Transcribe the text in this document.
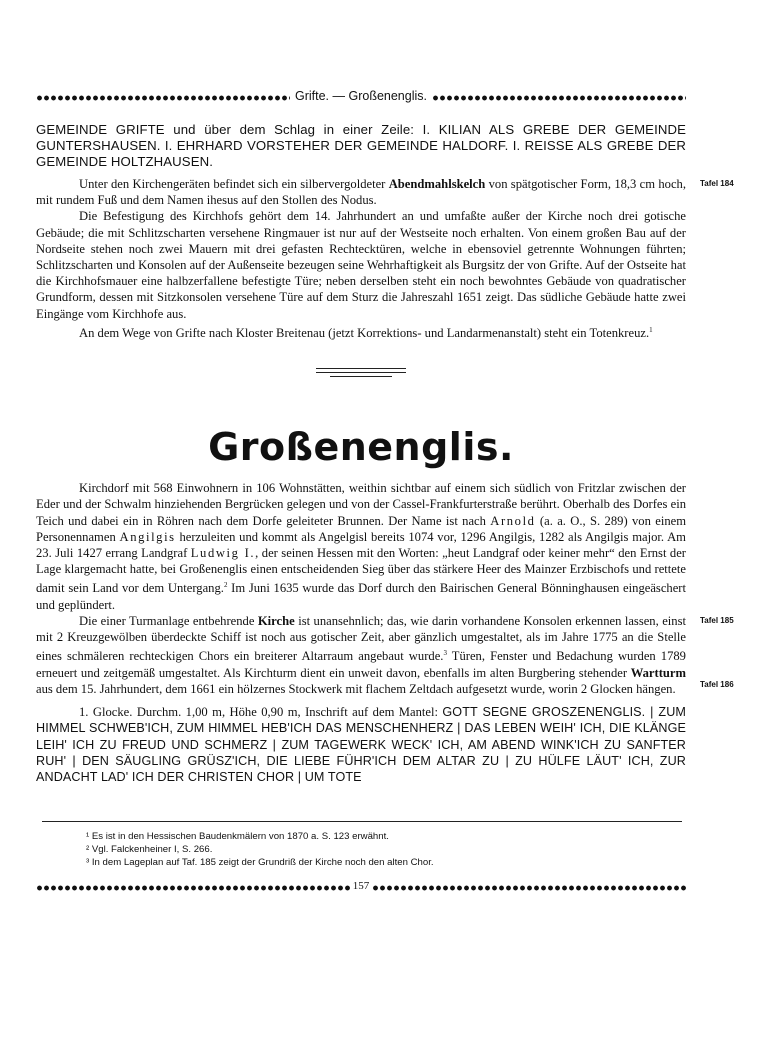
Grifte. — Großenenglis.

GEMEINDE GRIFTE und über dem Schlag in einer Zeile: I. KILIAN ALS GREBE DER GEMEINDE GUNTERSHAUSEN. I. EHRHARD VORSTEHER DER GEMEINDE HALDORF. I. REISSE ALS GREBE DER GEMEINDE HOLTZHAUSEN.

Unter den Kirchengeräten befindet sich ein silbervergoldeter Abendmahlskelch von spätgotischer Form, 18,3 cm hoch, mit rundem Fuß und dem Namen ihesus auf den Stollen des Nodus.
Tafel 184

Die Befestigung des Kirchhofs gehört dem 14. Jahrhundert an und umfaßte außer der Kirche noch drei gotische Gebäude; die mit Schlitzscharten versehene Ringmauer ist nur auf der Westseite noch erhalten. Von einem großen Bau auf der Nordseite stehen noch zwei Mauern mit drei gefasten Rechtecktüren, welche in ebensoviel getrennte Wohnungen führten; Schlitzscharten und Konsolen auf der Außenseite bezeugen seine Wehrhaftigkeit als Burgsitz der von Grifte. Auf der Ostseite hat die Kirchhofsmauer eine halbzerfallene befestigte Türe; neben derselben steht ein noch bewohntes Gebäude von quadratischer Grundform, dessen mit Sitzkonsolen versehene Türe auf dem Sturz die Jahreszahl 1651 zeigt. Das südliche Gebäude hatte zwei Eingänge vom Kirchhofe aus.

An dem Wege von Grifte nach Kloster Breitenau (jetzt Korrektions- und Landarmenanstalt) steht ein Totenkreuz.$^1$

Großenenglis.

Kirchdorf mit 568 Einwohnern in 106 Wohnstätten, weithin sichtbar auf einem sich südlich von Fritzlar zwischen der Eder und der Schwalm hinziehenden Bergrücken gelegen und von der Cassel-Frankfurterstraße berührt. Oberhalb des Dorfes ein Teich und dabei ein in Röhren nach dem Dorfe geleiteter Brunnen. Der Name ist nach Arnold (a. a. O., S. 289) von einem Personennamen Angilgis herzuleiten und kommt als Angelgisl bereits 1074 vor, 1296 Angilgis, 1282 als Angilgis major. Am 23. Juli 1427 errang Landgraf Ludwig I., der seinen Hessen mit den Worten: „heut Landgraf oder keiner mehr“ den Ernst der Lage klargemacht hatte, bei Großenenglis einen entscheidenden Sieg über das stärkere Heer des Mainzer Erzbischofs und rettete damit sein Land vor dem Untergang.$^2$ Im Juni 1635 wurde das Dorf durch den Bairischen General Bönninghausen eingeäschert und geplündert.

Die einer Turmanlage entbehrende Kirche ist unansehnlich; das, wie darin vorhandene Konsolen erkennen lassen, einst mit 2 Kreuzgewölben überdeckte Schiff ist noch aus gotischer Zeit, aber gänzlich umgestaltet, als im Jahre 1775 an die Stelle eines schmäleren rechteckigen Chors ein breiterer Altarraum angebaut wurde.$^3$ Türen, Fenster und Bedachung wurden 1789 erneuert und zeitgemäß umgestaltet. Als Kirchturm dient ein unweit davon, ebenfalls im alten Burgbering stehender Wartturm aus dem 15. Jahrhundert, dem 1661 ein hölzernes Stockwerk mit flachem Zeltdach aufgesetzt wurde, worin 2 Glocken hängen.
Tafel 185
Tafel 186

1. Glocke. Durchm. 1,00 m, Höhe 0,90 m, Inschrift auf dem Mantel: GOTT SEGNE GROSZENENGLIS. | ZUM HIMMEL SCHWEB'ICH, ZUM HIMMEL HEB'ICH DAS MENSCHENHERZ | DAS LEBEN WEIH' ICH, DIE KLÄNGE LEIH' ICH ZU FREUD UND SCHMERZ | ZUM TAGEWERK WECK' ICH, AM ABEND WINK'ICH ZU SANFTER RUH' | DEN SÄUGLING GRÜSZ'ICH, DIE LIEBE FÜHR'ICH DEM ALTAR ZU | ZU HÜLFE LÄUT' ICH, ZUR ANDACHT LAD' ICH DER CHRISTEN CHOR | UM TOTE

¹ Es ist in den Hessischen Baudenkmälern von 1870 a. S. 123 erwähnt.
² Vgl. Falckenheiner I, S. 266.
³ In dem Lageplan auf Taf. 185 zeigt der Grundriß der Kirche noch den alten Chor.
157
